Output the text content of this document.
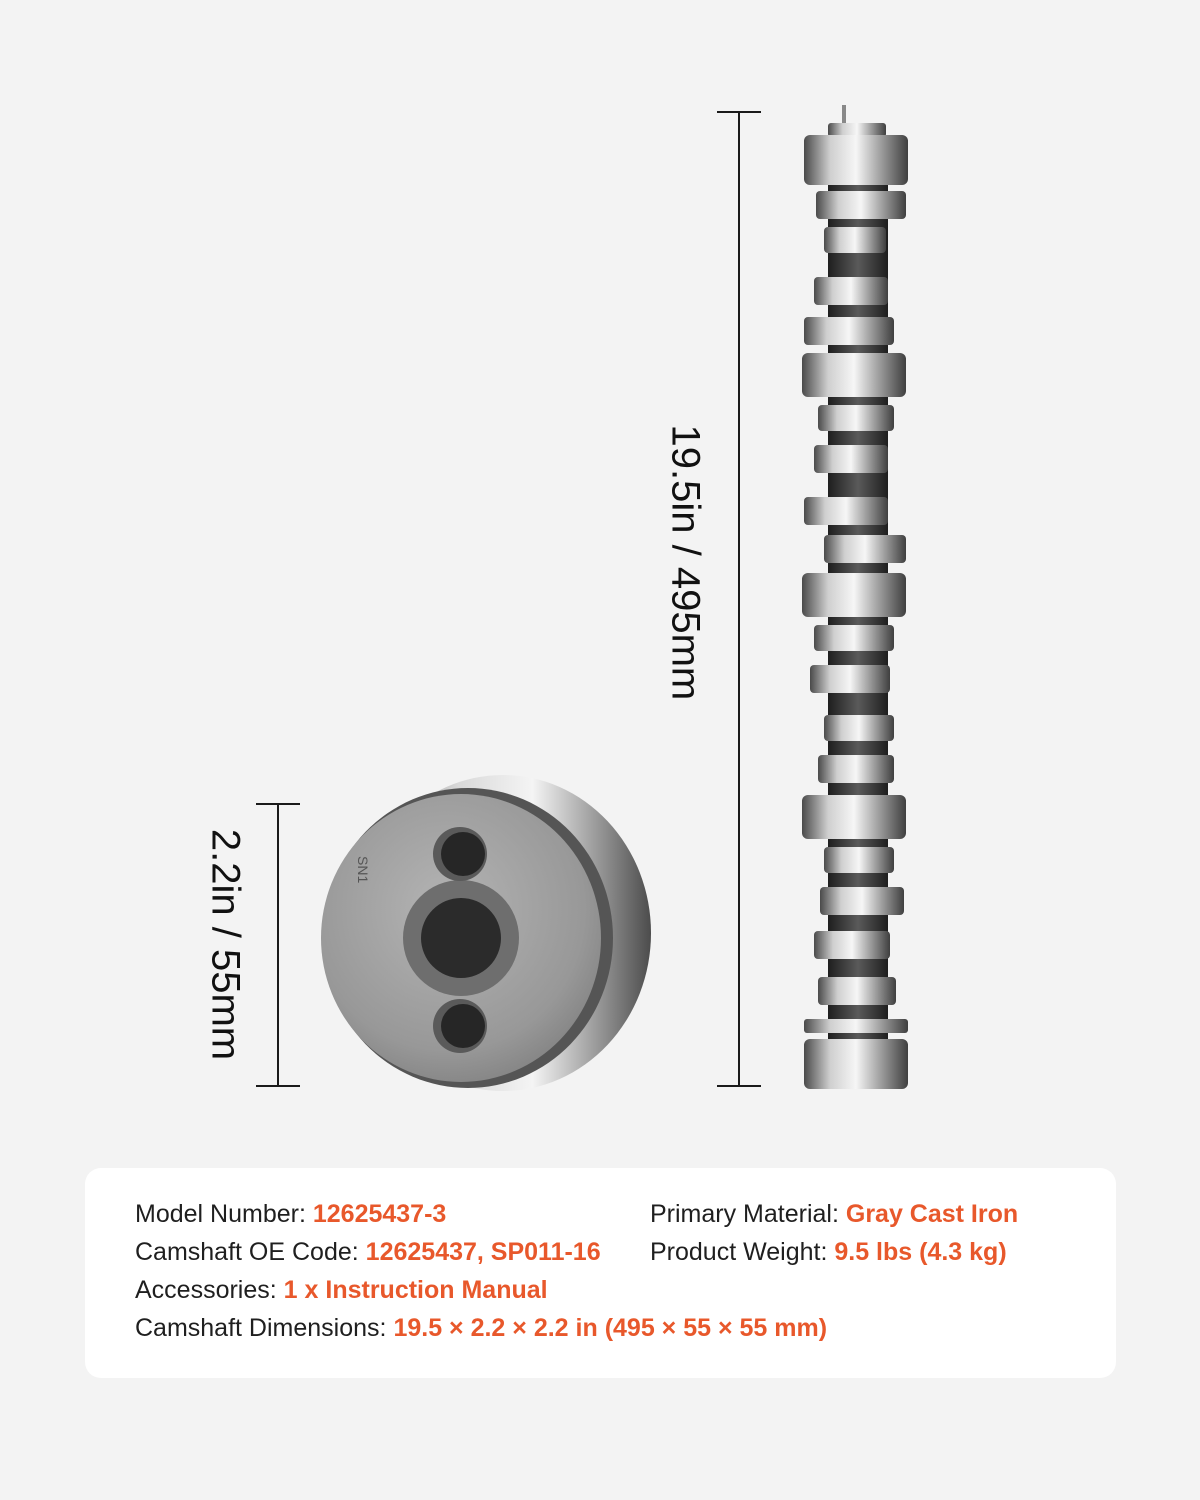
19.5in / 495mm
2.2in / 55mm	SN1
Model Number: 12625437-3
Camshaft OE Code: 12625437, SP011-16
Accessories: 1 x Instruction Manual
Camshaft Dimensions: 19.5 × 2.2 × 2.2 in (495 × 55 × 55 mm)
Primary Material: Gray Cast Iron
Product Weight: 9.5 lbs (4.3 kg)
